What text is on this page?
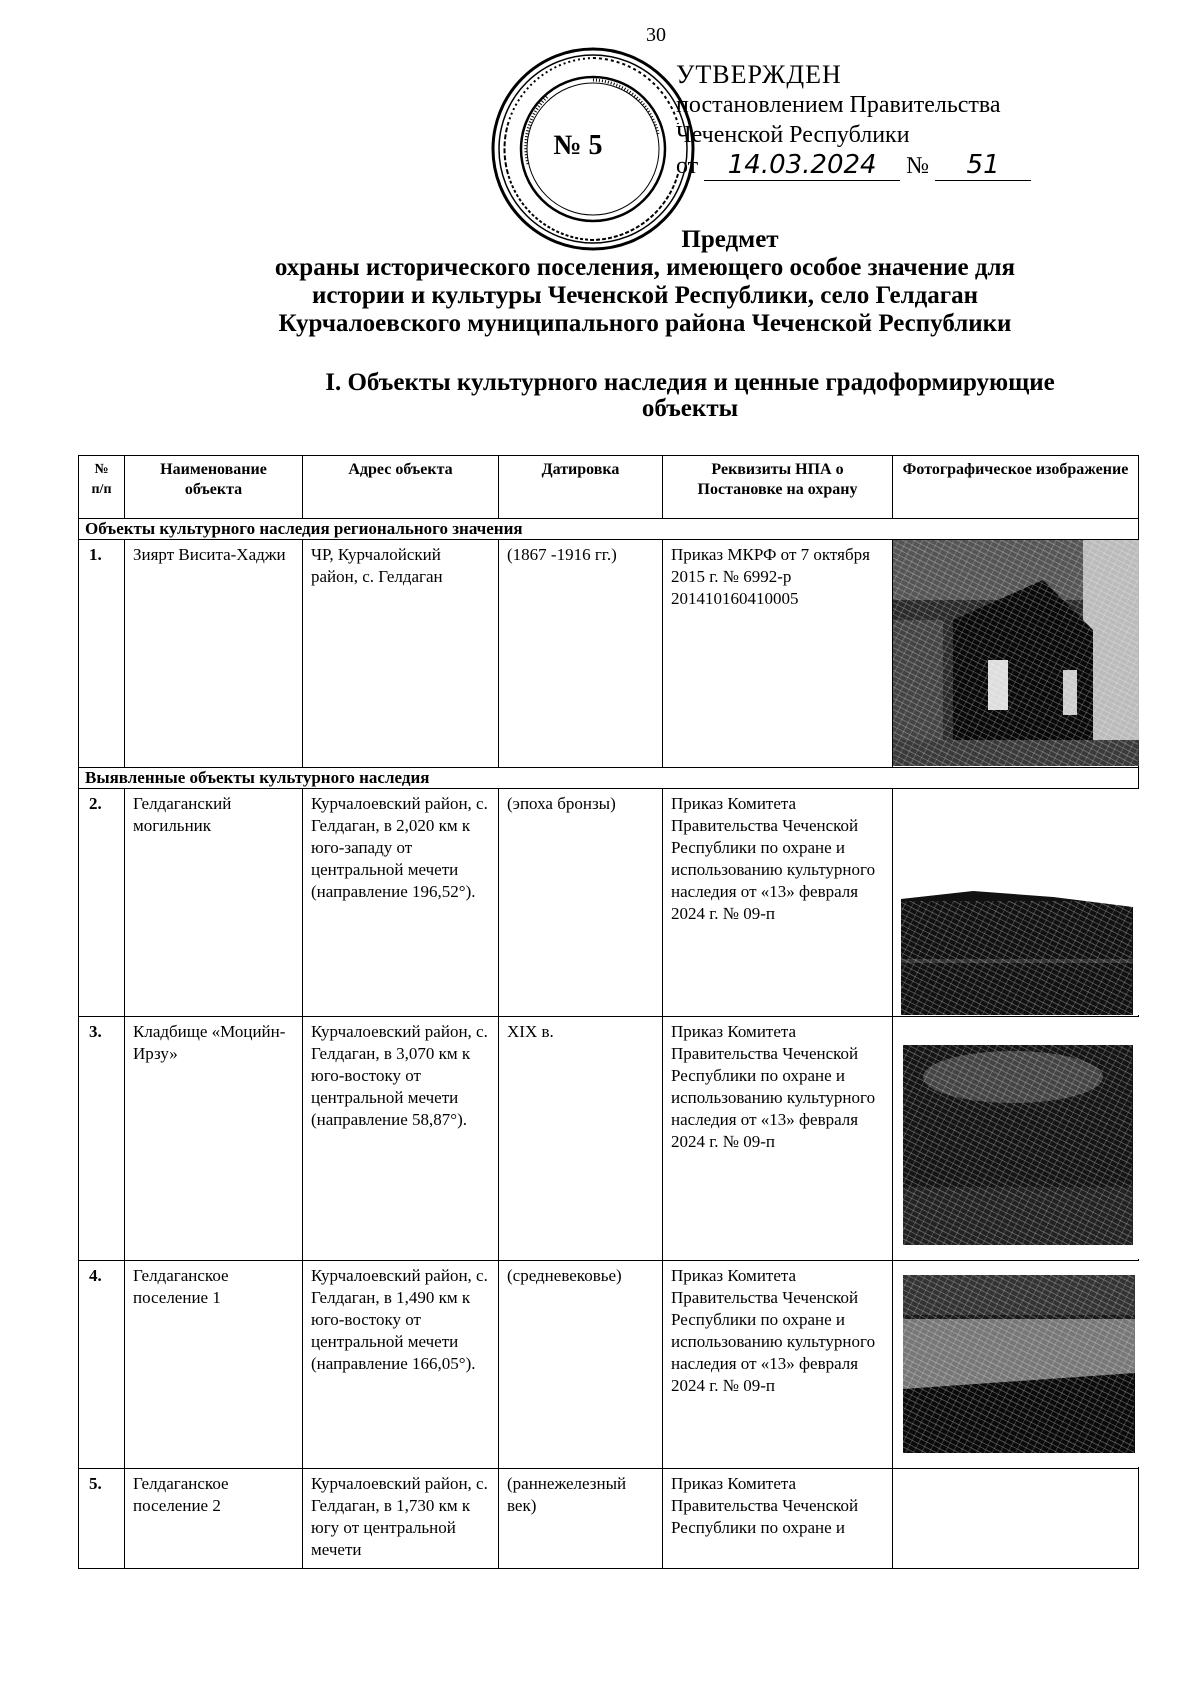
30
№ 5
УТВЕРЖДЕН
постановлением Правительства
Чеченской Республики
от 14.03.2024 № 51
Предмет
охраны исторического поселения, имеющего особое значение для
истории и культуры Чеченской Республики, село Гелдаган
Курчалоевского муниципального района Чеченской Республики
I. Объекты культурного наследия и ценные градоформирующие
объекты
№ п/п	Наименование объекта	Адрес объекта	Датировка	Реквизиты НПА о Постановке на охрану	Фотографическое изображение
Объекты культурного наследия регионального значения					
1.	Зиярт Висита-Хаджи	ЧР, Курчалойский район, с. Гелдаган	(1867 -1916 гг.)	Приказ МКРФ от 7 октября 2015 г. № 6992-р 201410160410005	

Выявленные объекты культурного наследия					
2.	Гелдаганский могильник	Курчалоевский район, с. Гелдаган, в 2,020 км к юго-западу от центральной мечети (направление 196,52°).	(эпоха бронзы)	Приказ Комитета Правительства Чеченской Республики по охране и использованию культурного наследия от «13» февраля 2024 г. № 09-п	

3.	Кладбище «Моцийн-Ирзу»	Курчалоевский район, с. Гелдаган, в 3,070 км к юго-востоку от центральной мечети (направление 58,87°).	XIX в.	Приказ Комитета Правительства Чеченской Республики по охране и использованию культурного наследия от «13» февраля 2024 г. № 09-п	

4.	Гелдаганское поселение 1	Курчалоевский район, с. Гелдаган, в 1,490 км к юго-востоку от центральной мечети (направление 166,05°).	(средневековье)	Приказ Комитета Правительства Чеченской Республики по охране и использованию культурного наследия от «13» февраля 2024 г. № 09-п	

5.	Гелдаганское поселение 2	Курчалоевский район, с. Гелдаган, в 1,730 км к югу от центральной мечети	(раннежелезный век)	Приказ Комитета Правительства Чеченской Республики по охране и	
